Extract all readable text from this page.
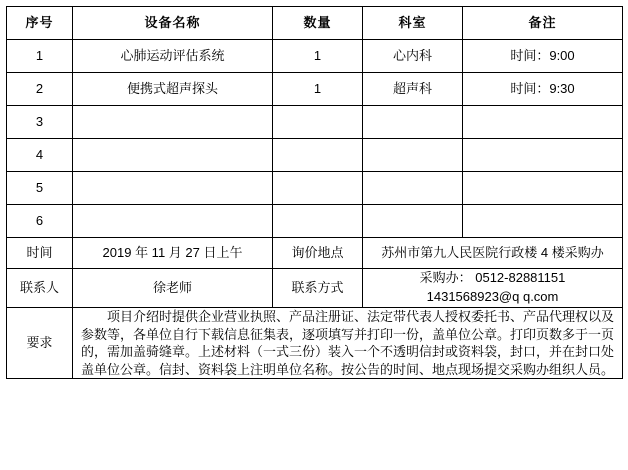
序号	设备名称	数量	科室	备注
1	心肺运动评估系统	1	心内科	时间：9:00
2	便携式超声探头	1	超声科	时间：9:30
3				
4				
5				
6				
时间	2019 年 11 月 27 日上午	询价地点	苏州市第九人民医院行政楼 4 楼采购办	
联系人	徐老师	联系方式	采购办： 0512-82881151
1431568923@q q.com	

要求	项目介绍时提供企业营业执照、产品注册证、法定带代表人授权委托书、产品代理权以及参数等，各单位自行下载信息征集表，逐项填写并打印一份，盖单位公章。打印页数多于一页的，需加盖骑缝章。上述材料（一式三份）装入一个不透明信封或资料袋，封口，并在封口处盖单位公章。信封、资料袋上注明单位名称。按公告的时间、地点现场提交采购办组织人员。			
